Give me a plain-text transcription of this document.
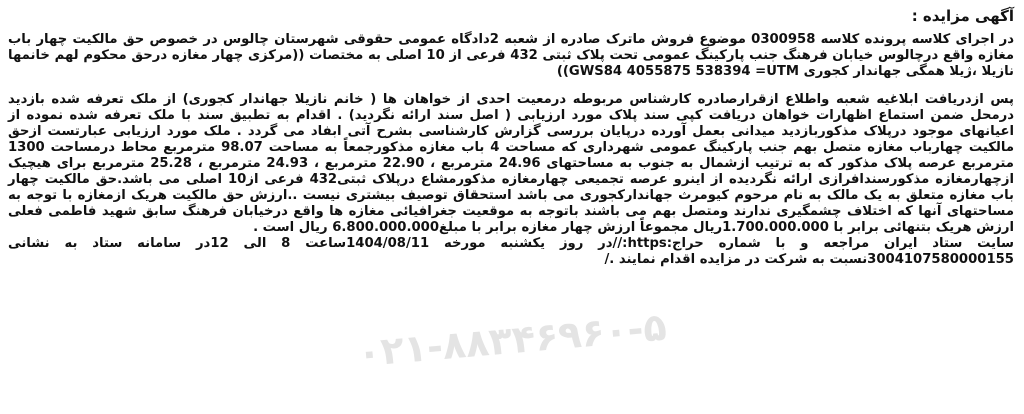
۰۲۱-۸۸۳۴۶۹۶۰-۵
آگهی مزایده :

در اجرای کلاسه پرونده کلاسه 0300958 موضوع فروش ماترک صادره از شعبه 2دادگاه عمومی حقوقی شهرستان چالوس در خصوص حق مالکیت چهار باب مغازه واقع درچالوس خیابان فرهنگ جنب پارکینگ عمومی تحت پلاک ثبتی 432 فرعی از 10 اصلی به مختصات ((مرکزی چهار مغازه درحق محکوم لهم خانمها نازیلا ،ژیلا همگی جهاندار کجوری GWS84 4055875 538394 =UTM))

پس ازدریافت ابلاغیه شعبه واطلاع ازقرارصادره کارشناس مربوطه درمعیت احدی از خواهان ها ( خانم نازیلا جهاندار کجوری) از ملک تعرفه شده بازدید درمحل ضمن استماع اظهارات خواهان دریافت کپی سند پلاک مورد ارزیابی ( اصل سند ارائه نگردید) . اقدام به تطبیق سند با ملک تعرفه شده نموده از اعیانهای موجود درپلاک مذکوربازدید میدانی بعمل آورده درپایان بررسی گزارش کارشناسی بشرح آتی ابفاد می گردد . ملک مورد ارزیابی عبارتست ازحق مالکیت چهارباب مغازه متصل بهم جنب پارکینگ عمومی شهرداری که مساحت 4 باب مغازه مذکورجمعاً به مساحت 98.07 مترمربع محاط درمساحت 1300 مترمربع عرصه پلاک مذکور که به ترتیب ازشمال به جنوب به مساحتهای 24.96 مترمربع ، 22.90 مترمربع ، 24.93 مترمربع ، 25.28 مترمربع برای هیچیک ازچهارمغازه مذکورسندافرازی ارائه نگردیده از اینرو عرصه تجمیعی چهارمغازه مذکورمشاع درپلاک ثبتی432 فرعی از10 اصلی می باشد.حق مالکیت چهار باب مغازه متعلق به یک مالک به نام مرحوم کیومرث جهاندارکجوری می باشد استحقاق توصیف بیشتری نیست ..ارزش حق مالکیت هریک ازمغازه با توجه به مساحتهای آنها که اختلاف چشمگیری ندارند ومتصل بهم می باشند باتوجه به موقعیت جغرافیائی مغازه ها واقع درخیابان فرهنگ سابق شهید فاطمی فعلی ارزش هریک بتنهائی برابر با 1.700.000.000ریال مجموعاً ارزش چهار مغازه برابر با مبلغ6.800.000.000 ریال است .

سایت ستاد ایران مراجعه و با شماره حراج:https://در روز یکشنبه مورخه 1404/08/11ساعت 8 الی 12در سامانه ستاد به نشانی 3004107580000155نسبت به شرکت در مزایده اقدام نمایند ./
